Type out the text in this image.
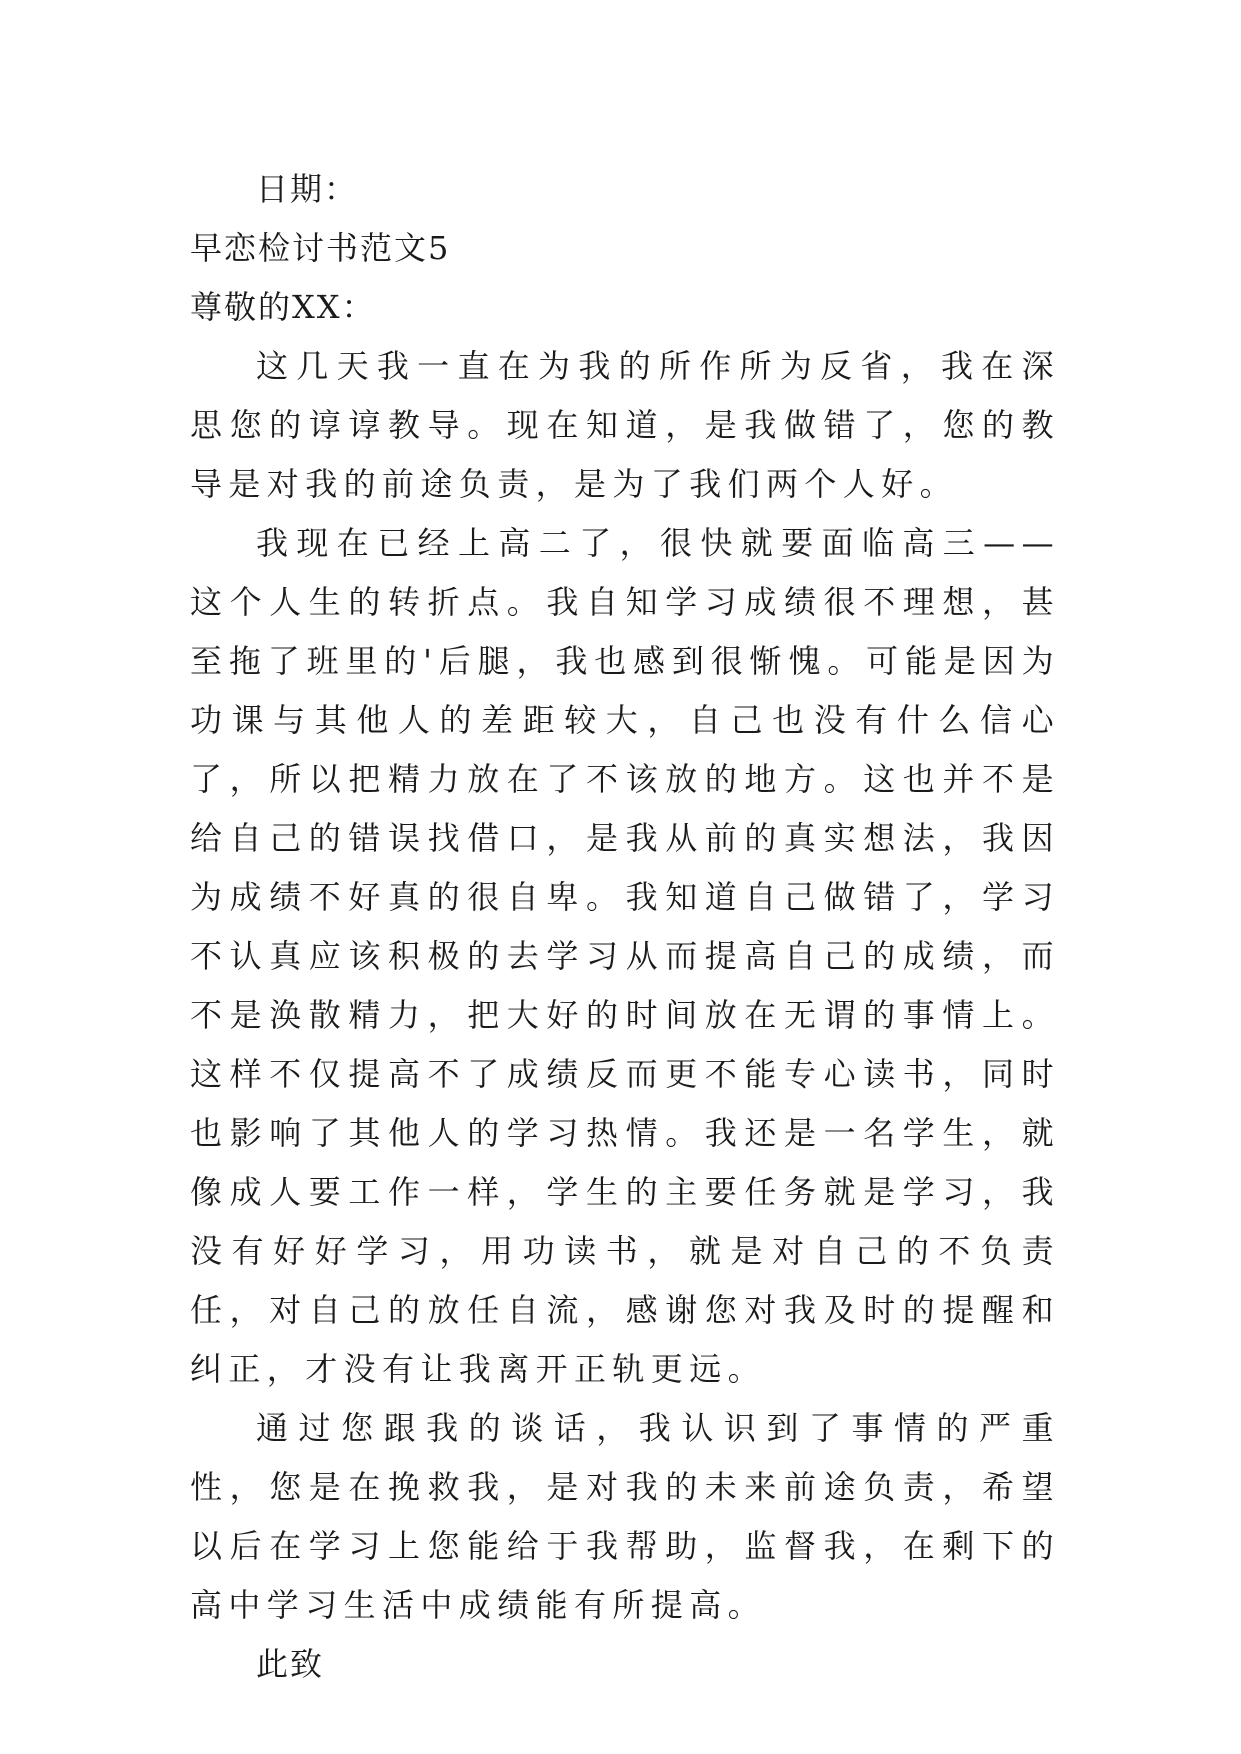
日期：
早恋检讨书范文5
尊敬的XX：

这几天我一直在为我的所作所为反省，我在深思您的谆谆教导。现在知道，是我做错了，您的教导是对我的前途负责，是为了我们两个人好。

我现在已经上高二了，很快就要面临高三——这个人生的转折点。我自知学习成绩很不理想，甚至拖了班里的'后腿，我也感到很惭愧。可能是因为功课与其他人的差距较大，自己也没有什么信心了，所以把精力放在了不该放的地方。这也并不是给自己的错误找借口，是我从前的真实想法，我因为成绩不好真的很自卑。我知道自己做错了，学习不认真应该积极的去学习从而提高自己的成绩，而不是涣散精力，把大好的时间放在无谓的事情上。这样不仅提高不了成绩反而更不能专心读书，同时也影响了其他人的学习热情。我还是一名学生，就像成人要工作一样，学生的主要任务就是学习，我没有好好学习，用功读书，就是对自己的不负责任，对自己的放任自流，感谢您对我及时的提醒和纠正，才没有让我离开正轨更远。

通过您跟我的谈话，我认识到了事情的严重性，您是在挽救我，是对我的未来前途负责，希望以后在学习上您能给于我帮助，监督我，在剩下的高中学习生活中成绩能有所提高。

此致
